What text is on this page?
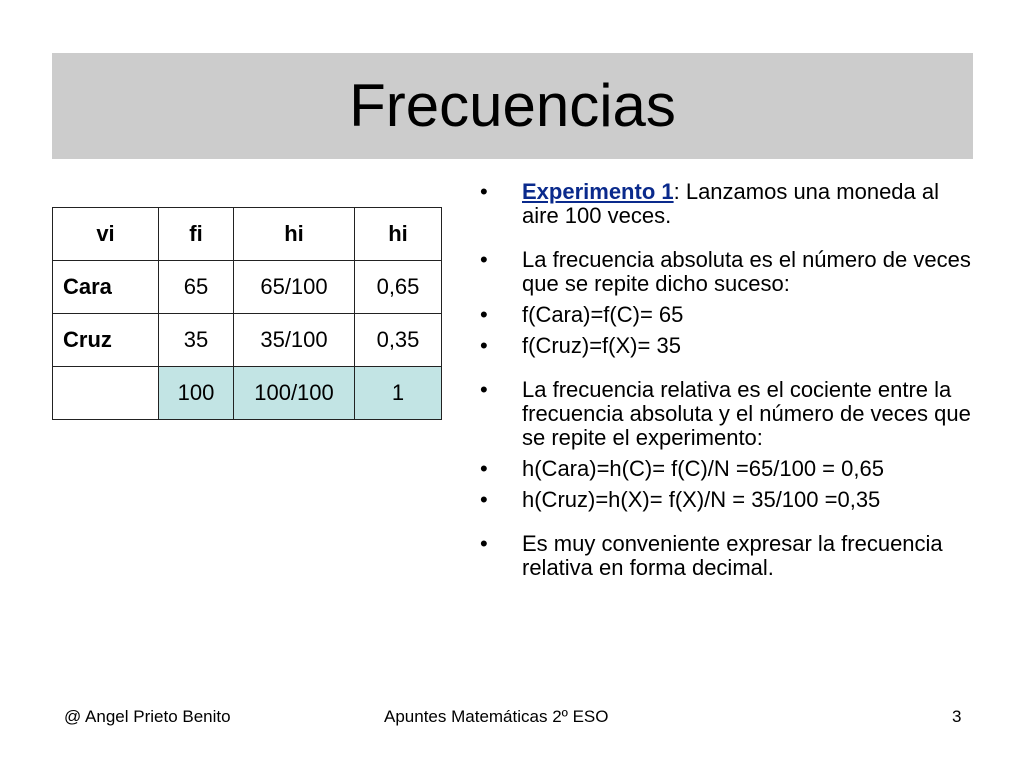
Frecuencias
vi	fi	hi	hi
Cara	65	65/100	0,65
Cruz	35	35/100	0,35
	100	100/100	1
• Experimento 1: Lanzamos una moneda al aire 100 veces.
• La frecuencia absoluta es el número de veces que se repite dicho suceso:
• f(Cara)=f(C)= 65
• f(Cruz)=f(X)= 35
• La frecuencia relativa es el cociente entre la frecuencia absoluta y el número de veces que se repite el experimento:
• h(Cara)=h(C)= f(C)/N =65/100 = 0,65
• h(Cruz)=h(X)= f(X)/N = 35/100 =0,35
• Es muy conveniente expresar la frecuencia relativa en forma decimal.
@ Angel Prieto Benito	Apuntes Matemáticas 2º ESO	3
